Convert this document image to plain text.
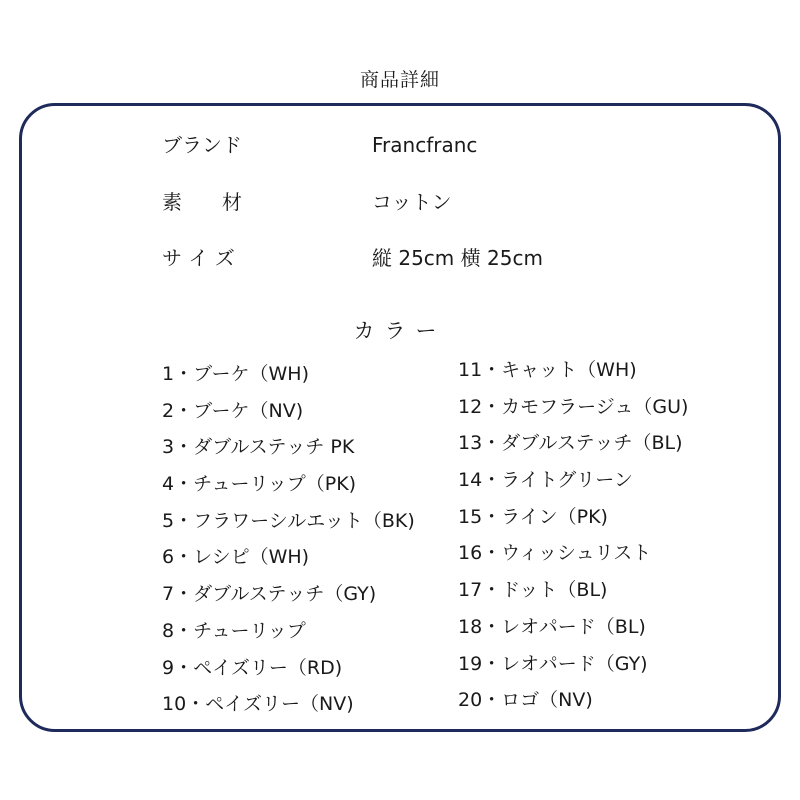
商品詳細
ブランド	Francfranc
素　　材	コットン
サ イ ズ	縦 25cm 横 25cm
カラー
1・ブーケ（WH)
2・ブーケ（NV)
3・ダブルステッチ PK
4・チューリップ（PK)
5・フラワーシルエット（BK)
6・レシピ（WH)
7・ダブルステッチ（GY)
8・チューリップ
9・ペイズリー（RD)
10・ペイズリー（NV)
11・キャット（WH)
12・カモフラージュ（GU)
13・ダブルステッチ（BL)
14・ライトグリーン
15・ライン（PK)
16・ウィッシュリスト
17・ドット（BL)
18・レオパード（BL)
19・レオパード（GY)
20・ロゴ（NV)
